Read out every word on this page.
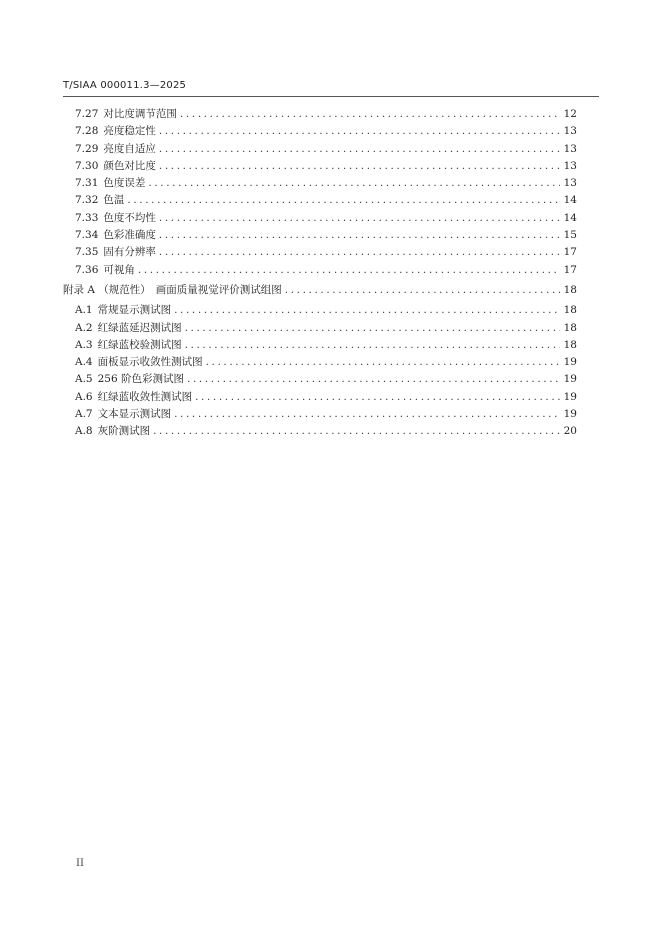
T/SIAA 000011.3—2025
7.27 对比度调节范围 .....	12
7.28 亮度稳定性 .....	13
7.29 亮度自适应 .....	13
7.30 颜色对比度 .....	13
7.31 色度误差 .....	13
7.32 色温 .....	14
7.33 色度不均性 .....	14
7.34 色彩准确度 .....	15
7.35 固有分辨率 .....	17
7.36 可视角 .....	17
附录 A （规范性） 画面质量视觉评价测试组图 .....	18
A.1 常规显示测试图 .....	18
A.2 红绿蓝延迟测试图 .....	18
A.3 红绿蓝校验测试图 .....	18
A.4 面板显示收敛性测试图 .....	19
A.5 256 阶色彩测试图 .....	19
A.6 红绿蓝收敛性测试图 .....	19
A.7 文本显示测试图 .....	19
A.8 灰阶测试图 .....	20
II
